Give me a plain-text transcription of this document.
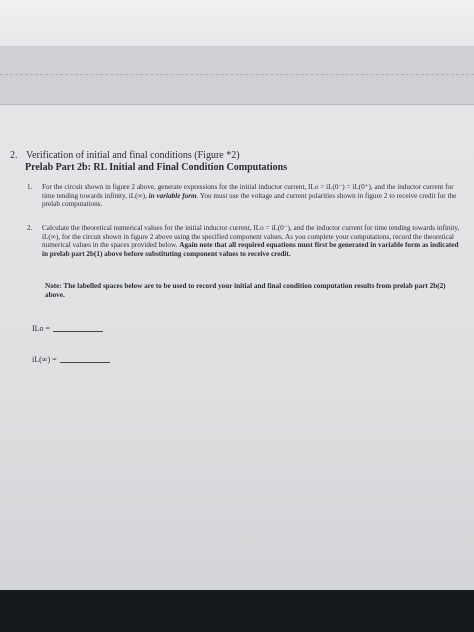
2. Verification of initial and final conditions (Figure *2)
Prelab Part 2b: RL Initial and Final Condition Computations
1. For the circuit shown in figure 2 above, generate expressions for the initial inductor current, ILo = iL(0⁻) = iL(0⁺), and the inductor current for time tending towards infinity, iL(∞), in variable form. You must use the voltage and current polarities shown in figure 2 to receive credit for the prelab computations.
2. Calculate the theoretical numerical values for the initial inductor current, ILo = iL(0⁻), and the inductor current for time tending towards infinity, iL(∞), for the circuit shown in figure 2 above using the specified component values. As you complete your computations, record the theoretical numerical values in the spaces provided below. Again note that all required equations must first be generated in variable form as indicated in prelab part 2b(1) above before substituting component values to receive credit.
Note: The labelled spaces below are to be used to record your initial and final condition computation results from prelab part 2b(2) above.
ILo =
iL(∞) =
